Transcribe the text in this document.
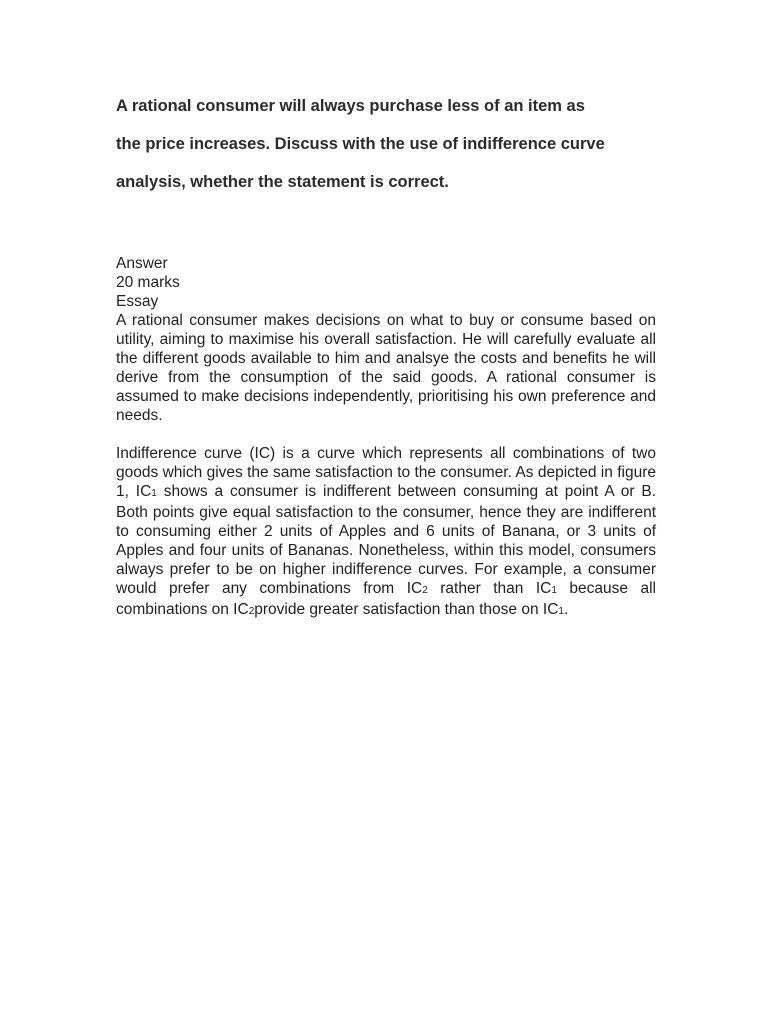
A rational consumer will always purchase less of an item as
the price increases. Discuss with the use of indifference curve
analysis, whether the statement is correct.
Answer
20 marks
Essay

A rational consumer makes decisions on what to buy or consume based on utility, aiming to maximise his overall satisfaction. He will carefully evaluate all the different goods available to him and analsye the costs and benefits he will derive from the consumption of the said goods. A rational consumer is assumed to make decisions independently, prioritising his own preference and needs.

Indifference curve (IC) is a curve which represents all combinations of two goods which gives the same satisfaction to the consumer. As depicted in figure 1, IC1 shows a consumer is indifferent between consuming at point A or B. Both points give equal satisfaction to the consumer, hence they are indifferent to consuming either 2 units of Apples and 6 units of Banana, or 3 units of Apples and four units of Bananas. Nonetheless, within this model, consumers always prefer to be on higher indifference curves. For example, a consumer would prefer any combinations from IC2 rather than IC1 because all combinations on IC2provide greater satisfaction than those on IC1.
